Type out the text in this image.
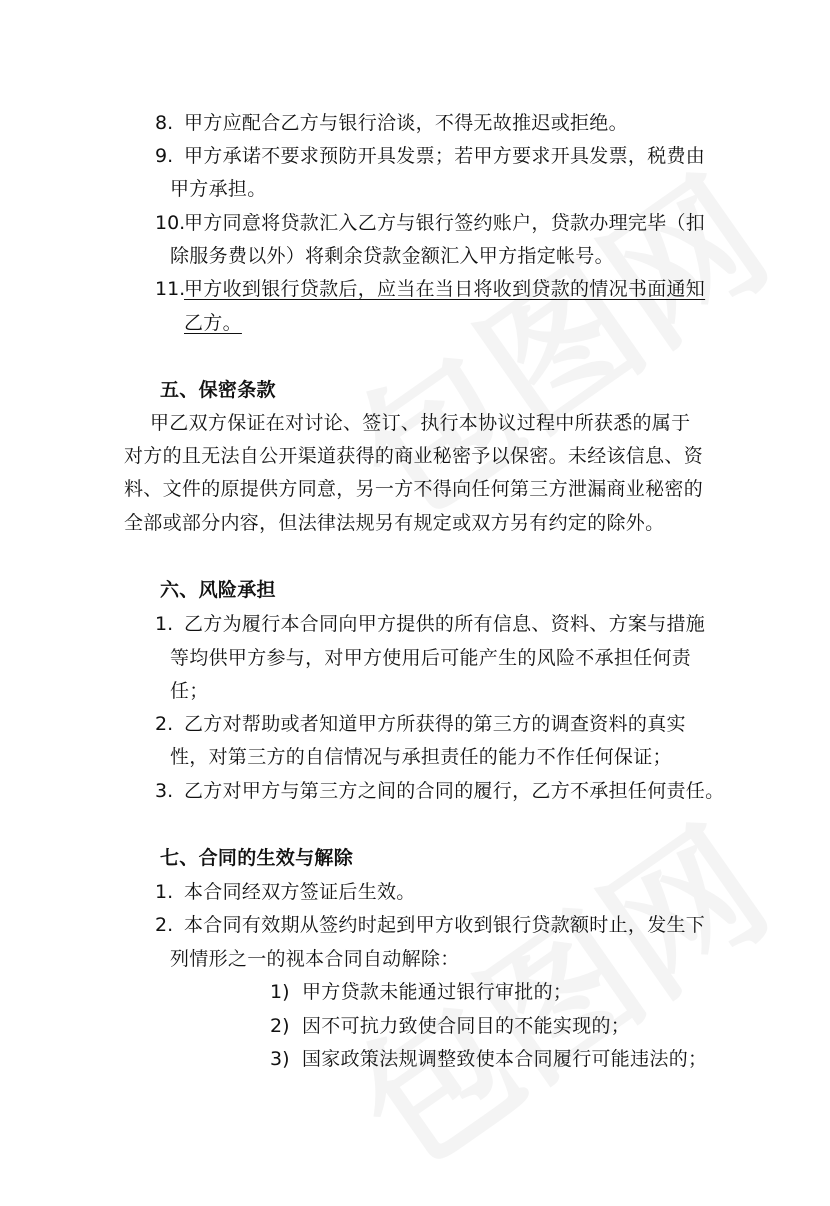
8. 甲方应配合乙方与银行洽谈，不得无故推迟或拒绝。
9. 甲方承诺不要求预防开具发票；若甲方要求开具发票，税费由
甲方承担。
10.
甲方同意将贷款汇入乙方与银行签约账户，贷款办理完毕（扣
除服务费以外）将剩余贷款金额汇入甲方指定帐号。
11.
甲方收到银行贷款后，应当在当日将收到贷款的情况书面通知
乙方。
五、保密条款
甲乙双方保证在对讨论、签订、执行本协议过程中所获悉的属于
对方的且无法自公开渠道获得的商业秘密予以保密。未经该信息、资
料、文件的原提供方同意，另一方不得向任何第三方泄漏商业秘密的
全部或部分内容，但法律法规另有规定或双方另有约定的除外。
六、风险承担
1. 乙方为履行本合同向甲方提供的所有信息、资料、方案与措施
等均供甲方参与，对甲方使用后可能产生的风险不承担任何责
任；
2. 乙方对帮助或者知道甲方所获得的第三方的调查资料的真实
性，对第三方的自信情况与承担责任的能力不作任何保证；
3. 乙方对甲方与第三方之间的合同的履行，乙方不承担任何责任。
七、合同的生效与解除
1. 本合同经双方签证后生效。
2. 本合同有效期从签约时起到甲方收到银行贷款额时止，发生下
列情形之一的视本合同自动解除：
1) 甲方贷款未能通过银行审批的；
2) 因不可抗力致使合同目的不能实现的；
3) 国家政策法规调整致使本合同履行可能违法的；
